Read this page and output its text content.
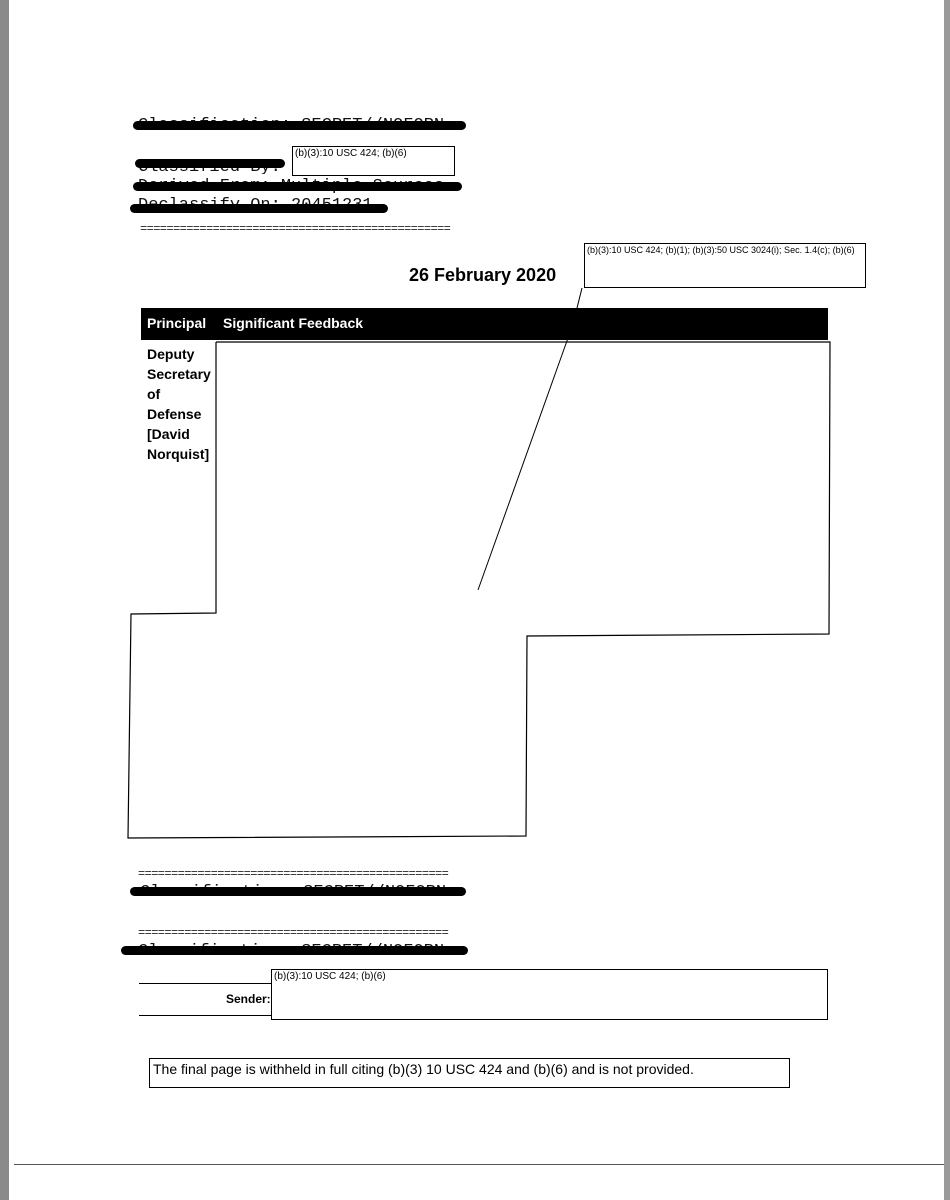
(b)(3):10 USC 424; (b)(6)
===============================================
(b)(3):10 USC 424; (b)(1); (b)(3):50 USC 3024(i); Sec. 1.4(c); (b)(6)
26 February 2020
Principal Significant Feedback
Deputy
Secretary
of
Defense
[David
Norquist]
===============================================
===============================================
Sender:
(b)(3):10 USC 424; (b)(6)
The final page is withheld in full citing (b)(3) 10 USC 424 and (b)(6) and is not provided.
